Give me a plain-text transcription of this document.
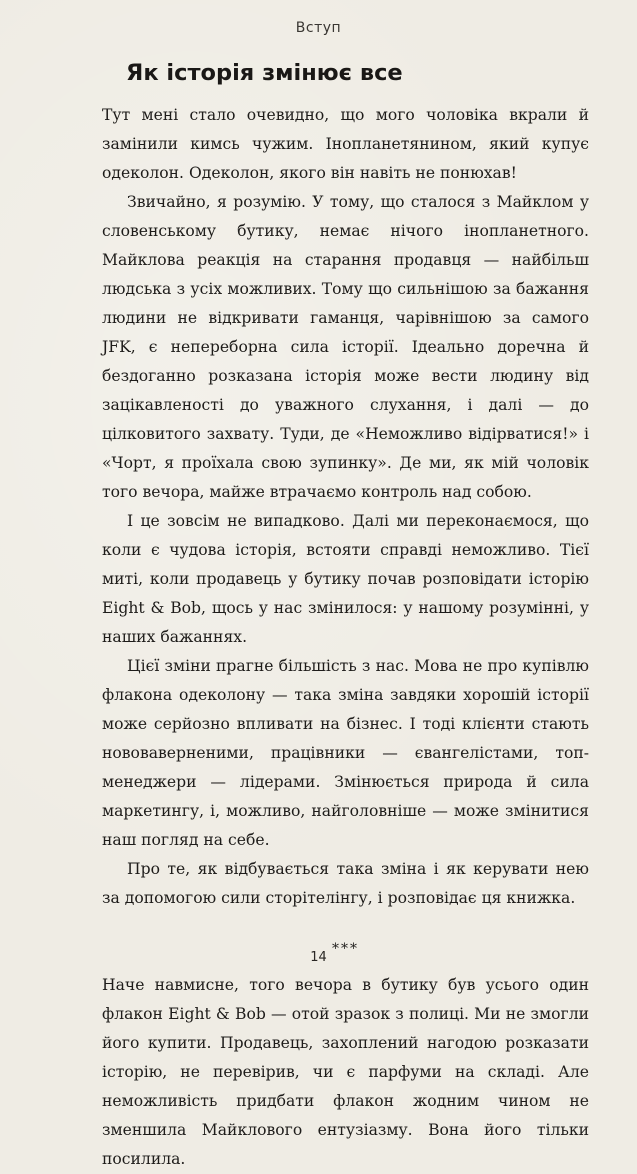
Вступ
Як історія змінює все

Тут мені стало очевидно, що мого чоловіка вкрали й замінили кимсь чужим. Інопланетянином, який купує одеколон. Одеколон, якого він навіть не понюхав!

Звичайно, я розумію. У тому, що сталося з Майклом у словенському бутику, немає нічого інопланетного. Майклова реакція на старання продавця — найбільш людська з усіх можливих. Тому що сильнішою за бажання людини не відкривати гаманця, чарівнішою за самого JFK, є непереборна сила історії. Ідеально доречна й бездоганно розказана історія може вести людину від зацікавленості до уважного слухання, і далі — до цілковитого захвату. Туди, де «Неможливо відірватися!» і «Чорт, я проїхала свою зупинку». Де ми, як мій чоловік того вечора, майже втрачаємо контроль над собою.

І це зовсім не випадково. Далі ми переконаємося, що коли є чудова історія, встояти справді неможливо. Тієї миті, коли продавець у бутику почав розповідати історію Eight & Bob, щось у нас змінилося: у нашому розумінні, у наших бажаннях.

Цієї зміни прагне більшість з нас. Мова не про купівлю флакона одеколону — така зміна завдяки хорошій історії може серйозно впливати на бізнес. І тоді клієнти стають нововаверненими, працівники — євангелістами, топ-менеджери — лідерами. Змінюється природа й сила маркетингу, і, можливо, найголовніше — може змінитися наш погляд на себе.

Про те, як відбувається така зміна і як керувати нею за допомогою сили сторітелінгу, і розповідає ця книжка.

***

Наче навмисне, того вечора в бутику був усього один флакон Eight & Bob — отой зразок з полиці. Ми не змогли його купити. Продавець, захоплений нагодою розказати історію, не перевірив, чи є парфуми на складі. Але неможливість придбати флакон жодним чином не зменшила Майклового ентузіазму. Вона його тільки посилила.

14
